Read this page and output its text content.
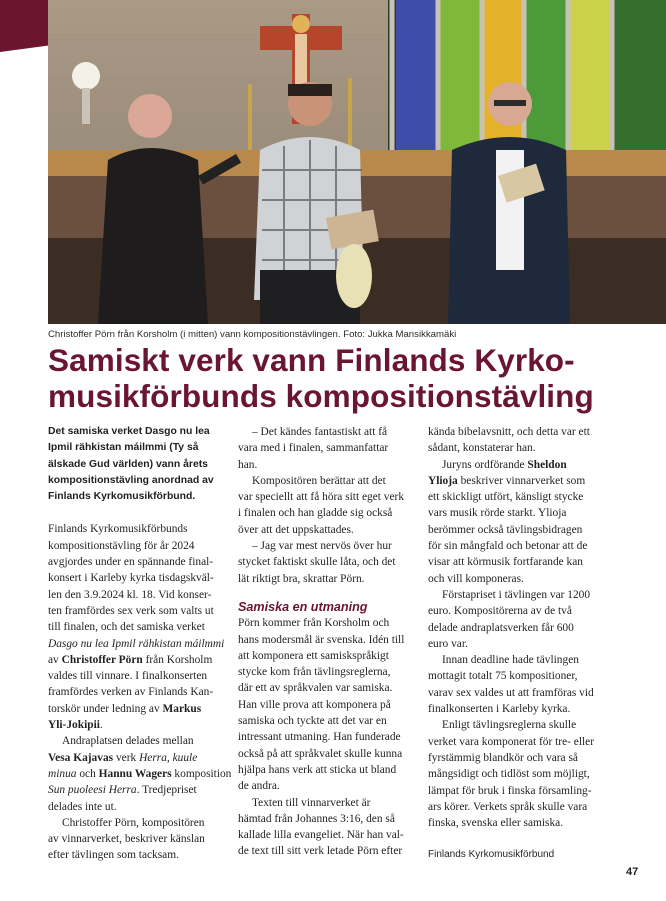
Christoffer Pörn från Korsholm (i mitten) vann kompositionstävlingen. Foto: Jukka Mansikkamäki
Samiskt verk vann Finlands Kyrko-
musikförbunds kompositionstävling
Det samiska verket Dasgo nu lea
Ipmil rähkistan máilmmi (Ty så
älskade Gud världen) vann årets
kompositionstävling anordnad av
Finlands Kyrkomusikförbund.
Finlands Kyrkomusikförbunds
kompositionstävling för år 2024
avgjordes under en spännande final-
konsert i Karleby kyrka tisdagskväl-
len den 3.9.2024 kl. 18. Vid konser-
ten framfördes sex verk som valts ut
till finalen, och det samiska verket
Dasgo nu lea Ipmil rähkistan máilmmi
av Christoffer Pörn från Korsholm
valdes till vinnare. I finalkonserten
framfördes verken av Finlands Kan-
torskör under ledning av Markus
Yli-Jokipii.
Andraplatsen delades mellan
Vesa Kajavas verk Herra, kuule
minua och Hannu Wagers komposition
Sun puoleesi Herra. Tredjepriset
delades inte ut.
Christoffer Pörn, kompositören
av vinnarverket, beskriver känslan
efter tävlingen som tacksam.
– Det kändes fantastiskt att få
vara med i finalen, sammanfattar
han.
Kompositören berättar att det
var speciellt att få höra sitt eget verk
i finalen och han gladde sig också
över att det uppskattades.
– Jag var mest nervös över hur
stycket faktiskt skulle låta, och det
lät riktigt bra, skrattar Pörn.
Samiska en utmaning
Pörn kommer från Korsholm och
hans modersmål är svenska. Idén till
att komponera ett samiskspråkigt
stycke kom från tävlingsreglerna,
där ett av språkvalen var samiska.
Han ville prova att komponera på
samiska och tyckte att det var en
intressant utmaning. Han funderade
också på att språkvalet skulle kunna
hjälpa hans verk att sticka ut bland
de andra.
Texten till vinnarverket är
hämtad från Johannes 3:16, den så
kallade lilla evangeliet. När han val-
de text till sitt verk letade Pörn efter
kända bibelavsnitt, och detta var ett
sådant, konstaterar han.
Juryns ordförande Sheldon
Ylioja beskriver vinnarverket som
ett skickligt utfört, känsligt stycke
vars musik rörde starkt. Ylioja
berömmer också tävlingsbidragen
för sin mångfald och betonar att de
visar att körmusik fortfarande kan
och vill komponeras.
Förstapriset i tävlingen var 1200
euro. Kompositörerna av de två
delade andraplatsverken får 600
euro var.
Innan deadline hade tävlingen
mottagit totalt 75 kompositioner,
varav sex valdes ut att framföras vid
finalkonserten i Karleby kyrka.
Enligt tävlingsreglerna skulle
verket vara komponerat för tre- eller
fyrstämmig blandkör och vara så
mångsidigt och tidlöst som möjligt,
lämpat för bruk i finska församling-
ars körer. Verkets språk skulle vara
finska, svenska eller samiska.
Finlands Kyrkomusikförbund
47
